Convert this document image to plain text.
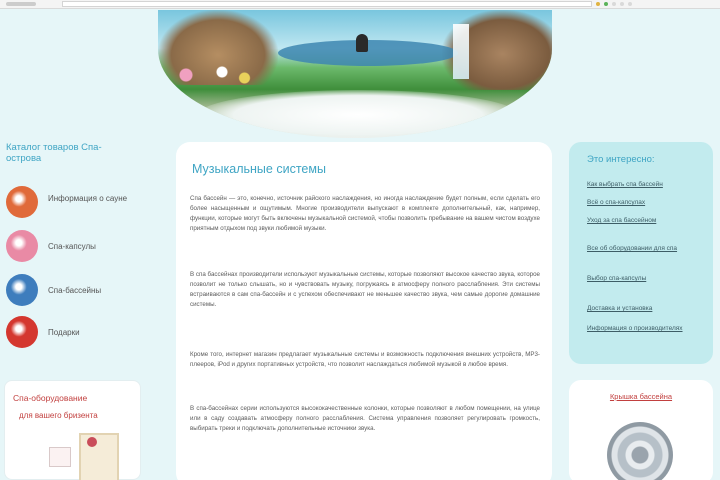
Каталог товаров Спа-острова
Информация о сауне
Спа-капсулы
Спа-бассейны
Подарки
Спа-оборудование
для вашего бризента
Музыкальные системы

Спа бассейн — это, конечно, источник райского наслаждения, но иногда наслаждение будет полным, если сделать его более насыщенным и ощутимым. Многие производители выпускают в комплекте дополнительный, как, например, функции, которые могут быть включены музыкальной системой, чтобы позволить пребывание на вашем чистом воздухе приятным отдыхом под звуки любимой музыки.

В спа бассейнах производители используют музыкальные системы, которые позволяют высокое качество звука, которое позволит не только слышать, но и чувствовать музыку, погружаясь в атмосферу полного расслабления. Эти системы встраиваются в сам спа-бассейн и с успехом обеспечивают не меньшее качество звука, чем самые дорогие домашние системы.

Кроме того, интернет магазин предлагает музыкальные системы и возможность подключения внешних устройств, MP3-плееров, iPod и других портативных устройств, что позволит наслаждаться любимой музыкой в любое время.

В спа-бассейнах серии используются высококачественные колонки, которые позволяют в любом помещении, на улице или в саду создавать атмосферу полного расслабления. Система управления позволяет регулировать громкость, выбирать треки и подключать дополнительные источники звука.

Это интересно:
Как выбрать спа бассейн
Всё о спа-капсулах
Уход за спа бассейном
Все об оборудовании для спа
Выбор спа-капсулы
Доставка и установка
Информация о производителях
Крышка бассейна
